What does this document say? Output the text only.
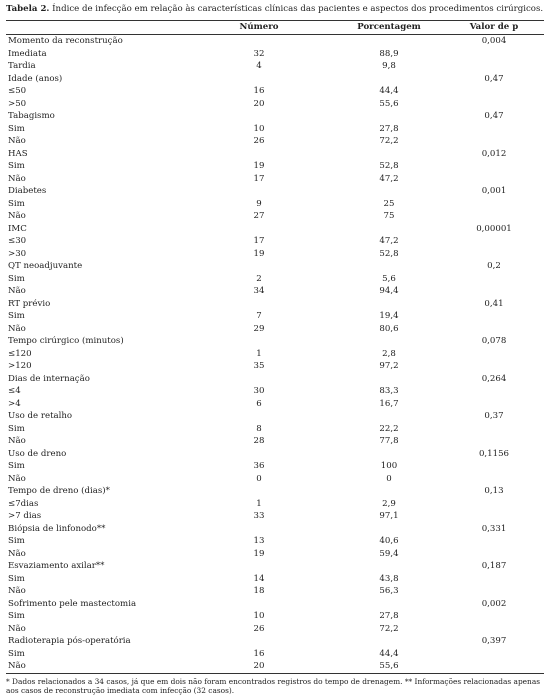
Tabela 2. Índice de infecção em relação às características clínicas das pacientes e aspectos dos procedimentos cirúrgicos.
	Número	Porcentagem	Valor de p
Momento da reconstrução			0,004
Imediata	32	88,9	
Tardia	4	9,8	
Idade (anos)			0,47
≤50	16	44,4	
>50	20	55,6	
Tabagismo			0,47
Sim	10	27,8	
Não	26	72,2	
HAS			0,012
Sim	19	52,8	
Não	17	47,2	
Diabetes			0,001
Sim	9	25	
Não	27	75	
IMC			0,00001
≤30	17	47,2	
>30	19	52,8	
QT neoadjuvante			0,2
Sim	2	5,6	
Não	34	94,4	
RT prévio			0,41
Sim	7	19,4	
Não	29	80,6	
Tempo cirúrgico (minutos)			0,078
≤120	1	2,8	
>120	35	97,2	
Dias de internação			0,264
≤4	30	83,3	
>4	6	16,7	
Uso de retalho			0,37
Sim	8	22,2	
Não	28	77,8	
Uso de dreno			0,1156
Sim	36	100	
Não	0	0	
Tempo de dreno (dias)*			0,13
≤7dias	1	2,9	
>7 dias	33	97,1	
Biópsia de linfonodo**			0,331
Sim	13	40,6	
Não	19	59,4	
Esvaziamento axilar**			0,187
Sim	14	43,8	
Não	18	56,3	
Sofrimento pele mastectomia			0,002
Sim	10	27,8	
Não	26	72,2	
Radioterapia pós-operatória			0,397
Sim	16	44,4	
Não	20	55,6	
* Dados relacionados a 34 casos, já que em dois não foram encontrados registros do tempo de drenagem. ** Informações relacionadas apenas aos casos de reconstrução imediata com infecção (32 casos).
